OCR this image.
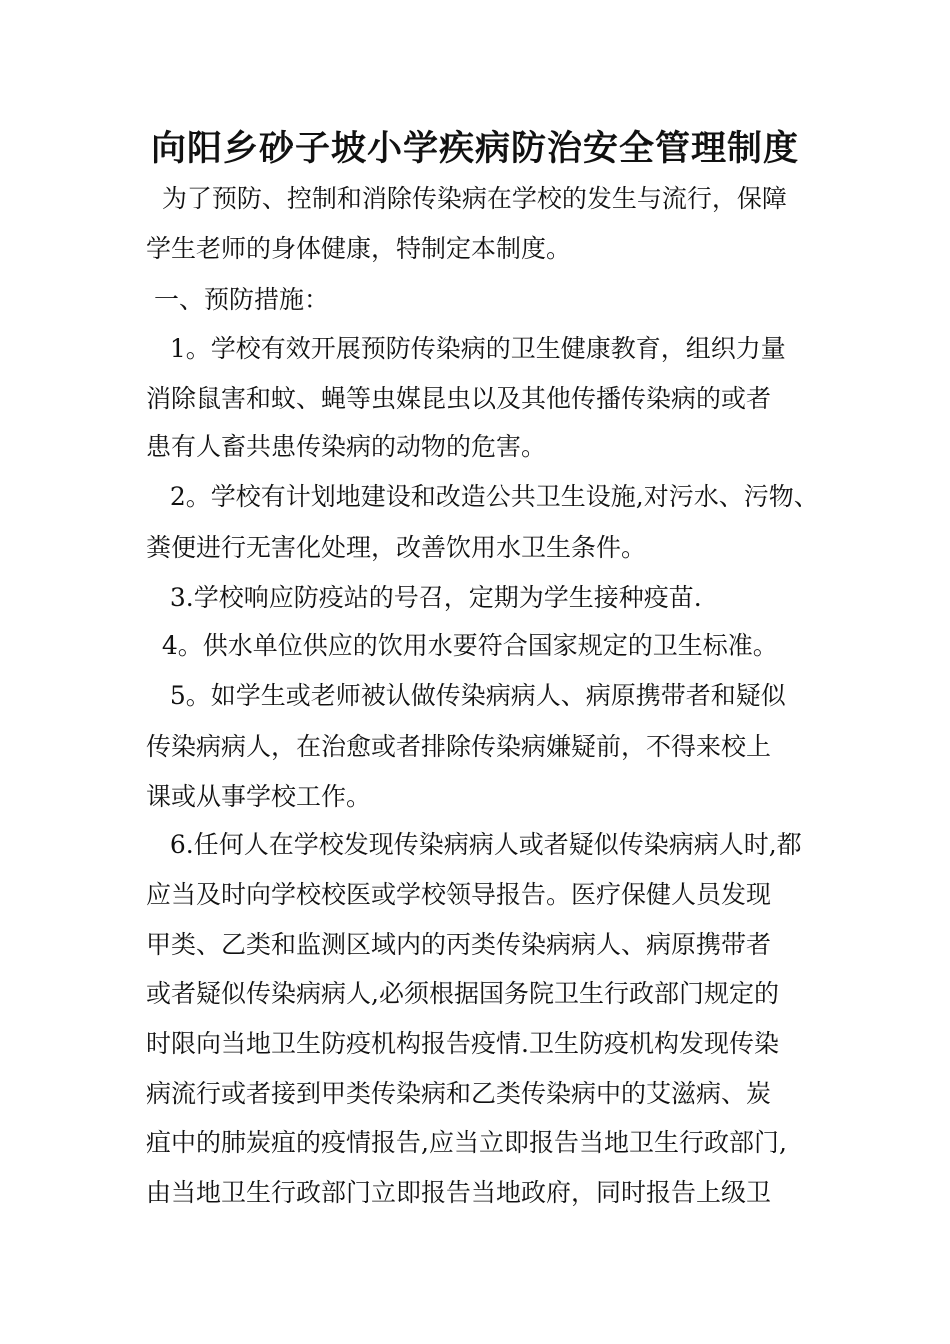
向阳乡砂子坡小学疾病防治安全管理制度
为了预防、控制和消除传染病在学校的发生与流行，保障
学生老师的身体健康，特制定本制度。
一、预防措施：
1。学校有效开展预防传染病的卫生健康教育，组织力量
消除鼠害和蚊、蝇等虫媒昆虫以及其他传播传染病的或者
患有人畜共患传染病的动物的危害。
2。学校有计划地建设和改造公共卫生设施,对污水、污物、
粪便进行无害化处理，改善饮用水卫生条件。
3.学校响应防疫站的号召，定期为学生接种疫苗.
4。供水单位供应的饮用水要符合国家规定的卫生标准。
5。如学生或老师被认做传染病病人、病原携带者和疑似
传染病病人，在治愈或者排除传染病嫌疑前，不得来校上
课或从事学校工作。
6.任何人在学校发现传染病病人或者疑似传染病病人时,都
应当及时向学校校医或学校领导报告。医疗保健人员发现
甲类、乙类和监测区域内的丙类传染病病人、病原携带者
或者疑似传染病病人,必须根据国务院卫生行政部门规定的
时限向当地卫生防疫机构报告疫情.卫生防疫机构发现传染
病流行或者接到甲类传染病和乙类传染病中的艾滋病、炭
疽中的肺炭疽的疫情报告,应当立即报告当地卫生行政部门,
由当地卫生行政部门立即报告当地政府，同时报告上级卫
